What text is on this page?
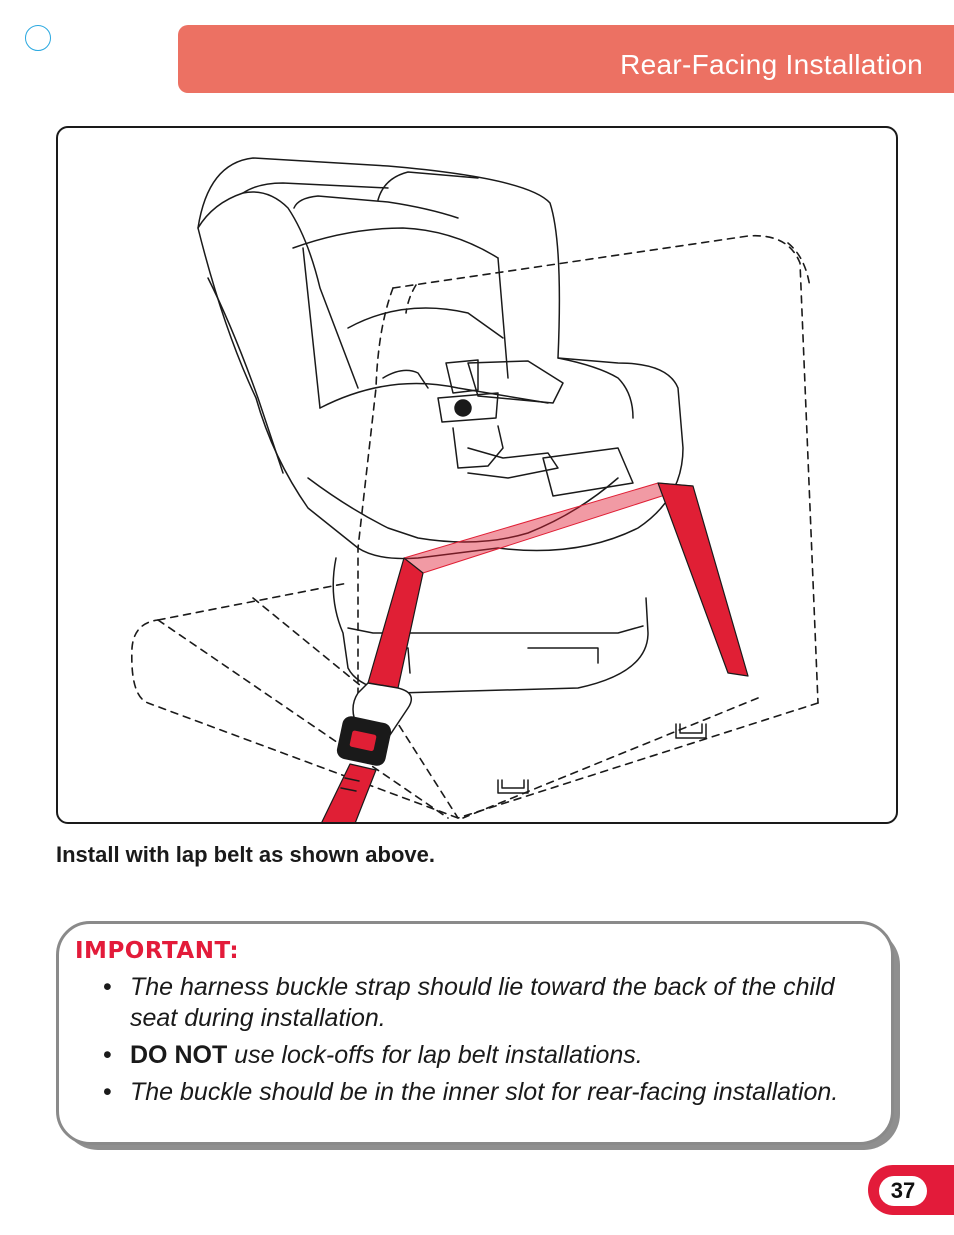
Rear-Facing Installation
Install with lap belt as shown above.
IMPORTANT:
• The harness buckle strap should lie toward the back of the child seat during installation.
• DO NOT use lock-offs for lap belt installations.
• The buckle should be in the inner slot for rear-facing installation.
37
